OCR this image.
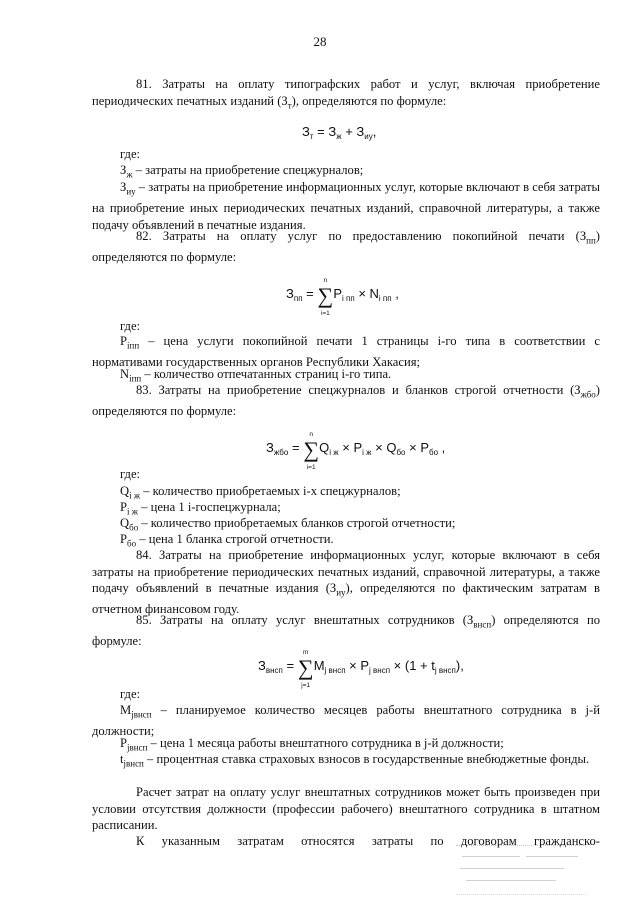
28

81. Затраты на оплату типографских работ и услуг, включая приобретение периодических печатных изданий $(З_т)$, определяются по формуле:

$З_т = З_ж + З_{иу}$,
где:

$З_ж$ – затраты на приобретение спецжурналов;

$З_{иу}$ – затраты на приобретение информационных услуг, которые включают в себя затраты на приобретение иных периодических печатных изданий, справочной литературы, а также подачу объявлений в печатные издания.

82. Затраты на оплату услуг по предоставлению покопийной печати $(З_{пп})$ определяются по формуле:

$З_{пп}$ =
n
∑
i=1
$P_{i пп} \times N_{i пп}$ ,
где:

$P_{iпп}$ – цена услуги покопийной печати 1 страницы i-го типа в соответствии с нормативами государственных органов Республики Хакасия;

$N_{iпп}$ – количество отпечатанных страниц i-го типа.

83. Затраты на приобретение спецжурналов и бланков строгой отчетности $(З_{жбо})$ определяются по формуле:

$З_{жбо}$ =
n
∑
i=1
$Q_{i ж} \times P_{i ж} \times Q_{бо} \times P_{бо}$ ,
где:

$Q_{i ж}$ – количество приобретаемых i-х спецжурналов;

$P_{i ж}$ – цена 1 i-госпецжурнала;

$Q_{бо}$ – количество приобретаемых бланков строгой отчетности;

$P_{бо}$ – цена 1 бланка строгой отчетности.

84. Затраты на приобретение информационных услуг, которые включают в себя затраты на приобретение периодических печатных изданий, справочной литературы, а также подачу объявлений в печатные издания $(З_{иу})$, определяются по фактическим затратам в отчетном финансовом году.

85. Затраты на оплату услуг внештатных сотрудников $(З_{внсп})$ определяются по формуле:

$З_{внсп}$ =
m
∑
j=1
$M_{j внсп} \times P_{j внсп} \times (1 + t_{j внсп})$,
где:

$M_{jвнсп}$ – планируемое количество месяцев работы внештатного сотрудника в j-й должности;

$P_{jвнсп}$ – цена 1 месяца работы внештатного сотрудника в j-й должности;

$t_{jвнсп}$ – процентная ставка страховых взносов в государственные внебюджетные фонды.

Расчет затрат на оплату услуг внештатных сотрудников может быть произведен при условии отсутствия должности (профессии рабочего) внештатного сотрудника в штатном расписании.

К указанным затратам относятся затраты по договорам гражданско-
